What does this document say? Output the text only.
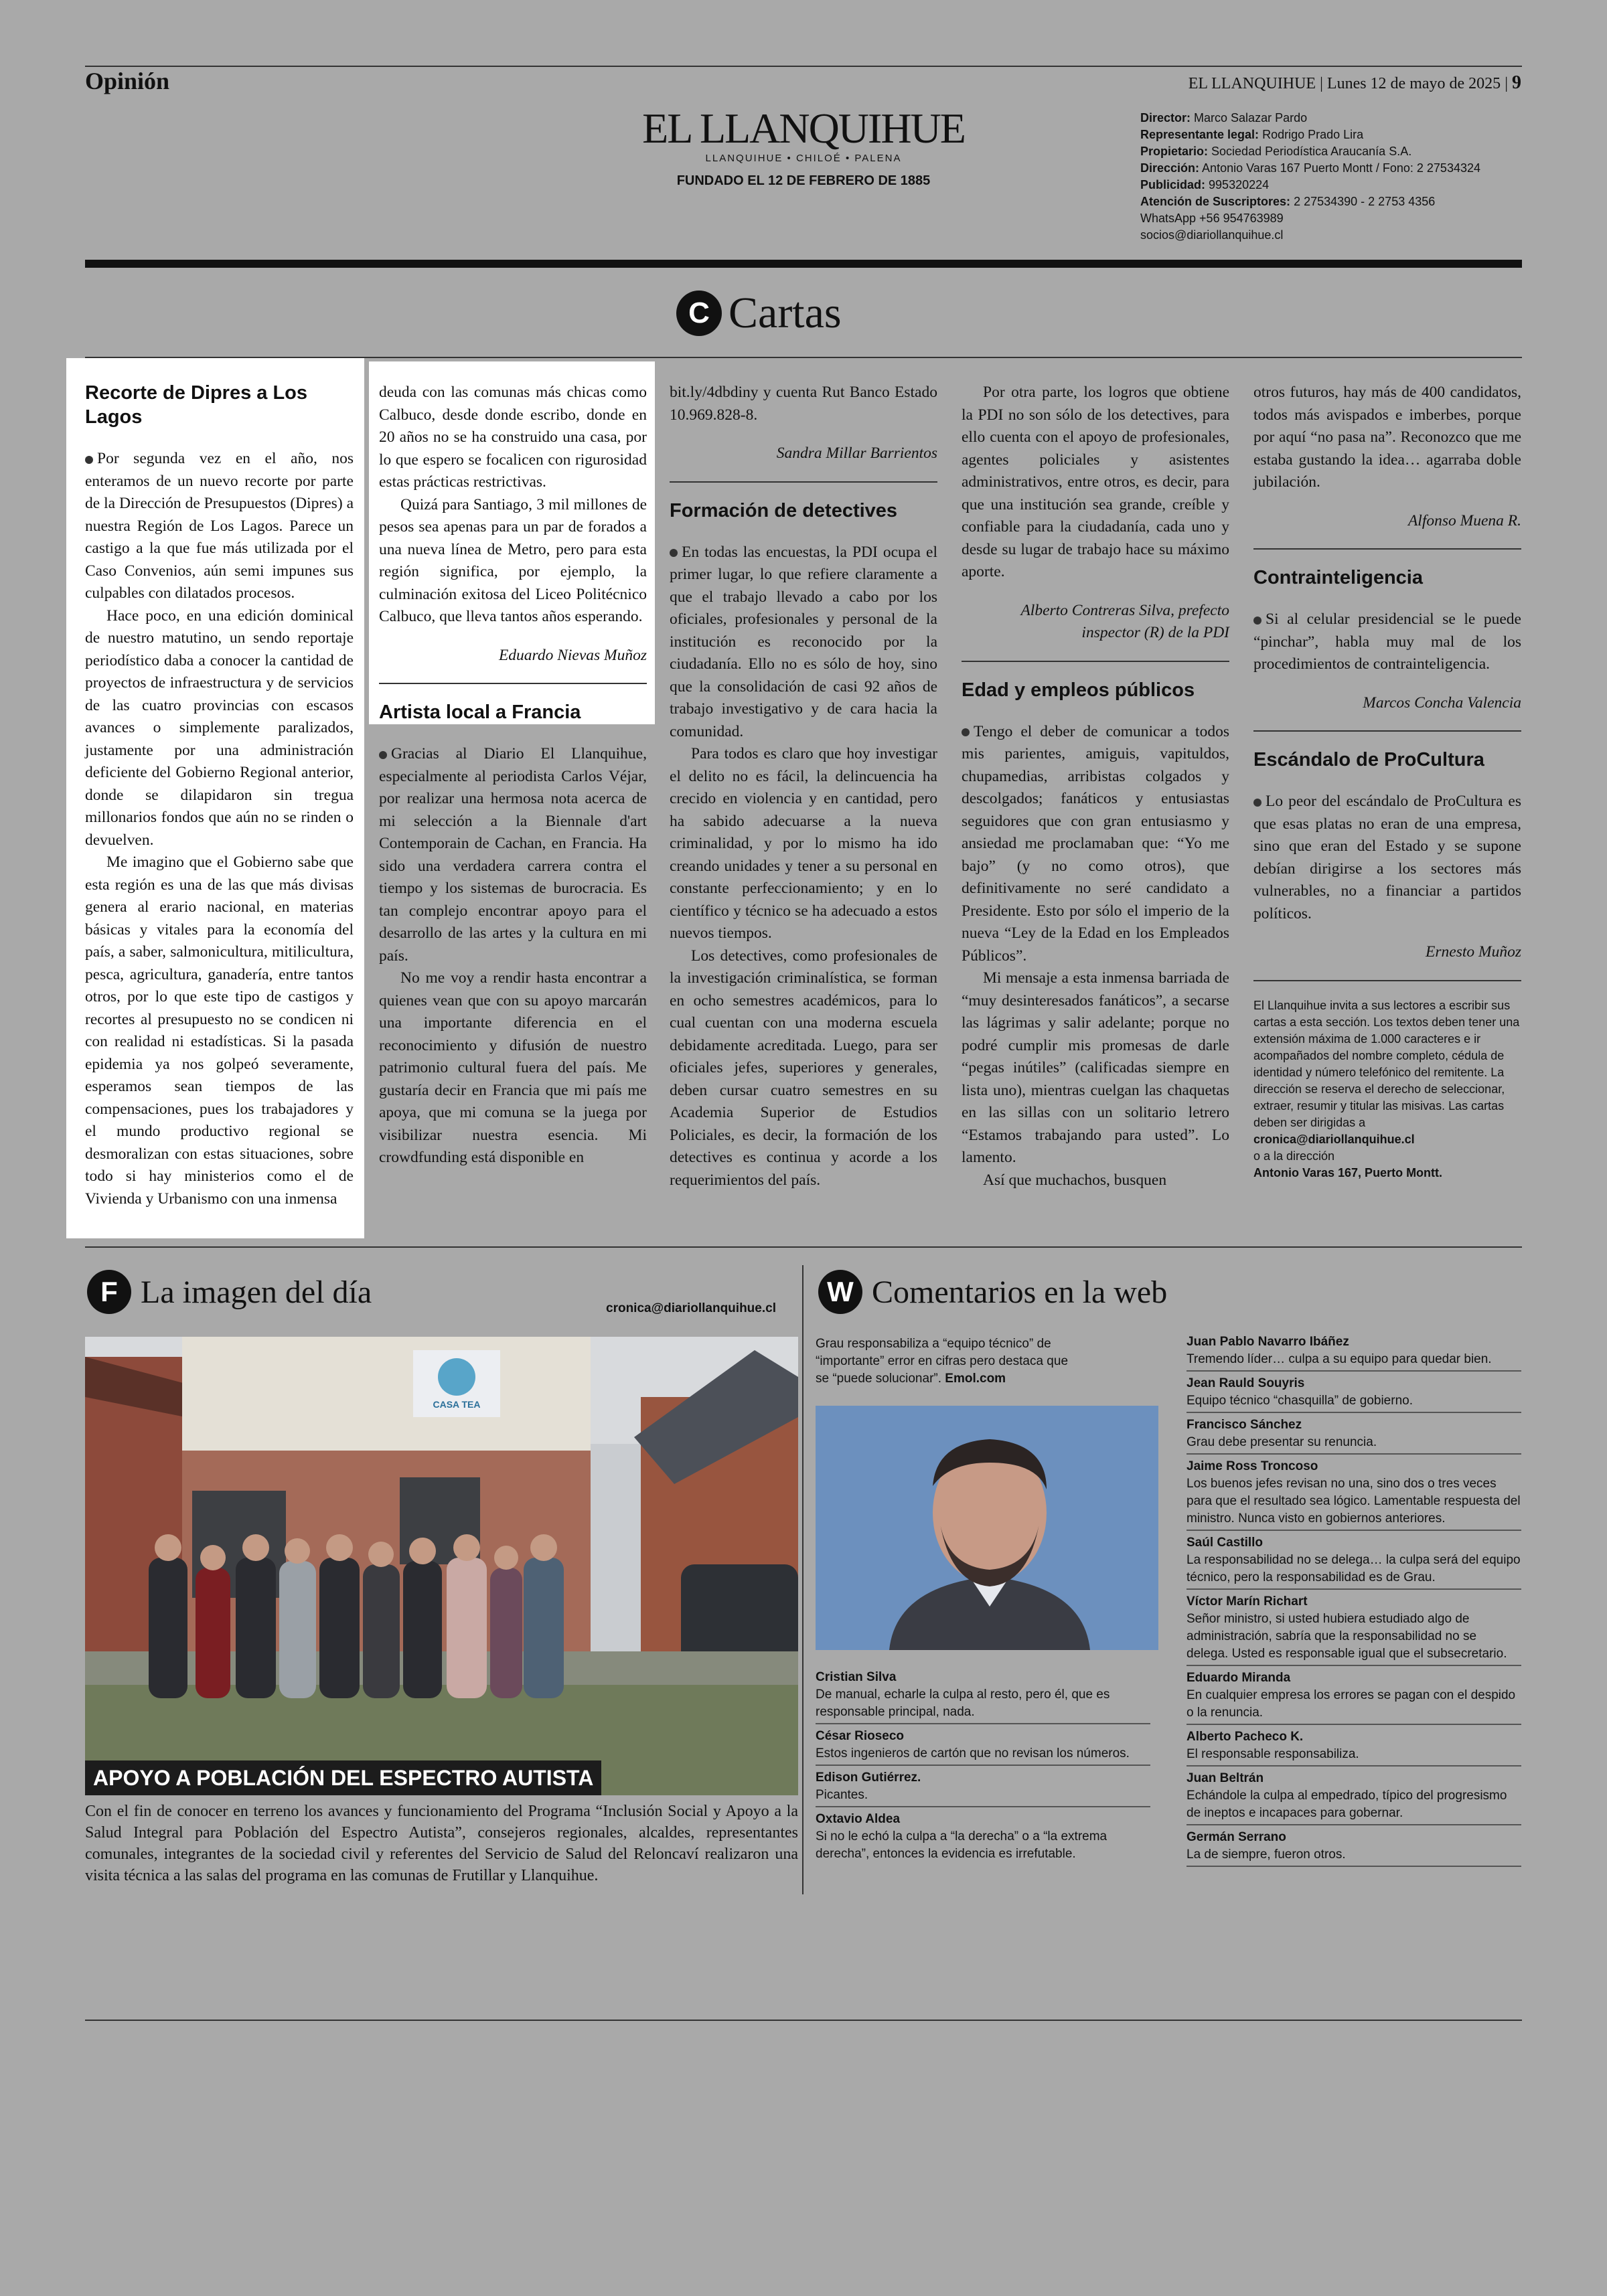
Opinión	EL LLANQUIHUE | Lunes 12 de mayo de 2025 | 9
EL LLANQUIHUE
LLANQUIHUE • CHILOÉ • PALENA
FUNDADO EL 12 DE FEBRERO DE 1885
Director: Marco Salazar Pardo
Representante legal: Rodrigo Prado Lira
Propietario: Sociedad Periodística Araucanía S.A.
Dirección: Antonio Varas 167 Puerto Montt / Fono: 2 27534324
Publicidad: 995320224
Atención de Suscriptores: 2 27534390 - 2 2753 4356
WhatsApp +56 954763989
socios@diariollanquihue.cl
C Cartas
Recorte de Dipres a Los Lagos

Por segunda vez en el año, nos enteramos de un nuevo recorte por parte de la Dirección de Presupuestos (Dipres) a nuestra Región de Los Lagos. Parece un castigo a la que fue más utilizada por el Caso Convenios, aún semi impunes sus culpables con dilatados procesos.

Hace poco, en una edición dominical de nuestro matutino, un sendo reportaje periodístico daba a conocer la cantidad de proyectos de infraestructura y de servicios de las cuatro provincias con escasos avances o simplemente paralizados, justamente por una administración deficiente del Gobierno Regional anterior, donde se dilapidaron sin tregua millonarios fondos que aún no se rinden o devuelven.

Me imagino que el Gobierno sabe que esta región es una de las que más divisas genera al erario nacional, en materias básicas y vitales para la economía del país, a saber, salmonicultura, mitilicultura, pesca, agricultura, ganadería, entre tantos otros, por lo que este tipo de castigos y recortes al presupuesto no se condicen ni con realidad ni estadísticas. Si la pasada epidemia ya nos golpeó severamente, esperamos sean tiempos de las compensaciones, pues los trabajadores y el mundo productivo regional se desmoralizan con estas situaciones, sobre todo si hay ministerios como el de Vivienda y Urbanismo con una inmensa

deuda con las comunas más chicas como Calbuco, desde donde escribo, donde en 20 años no se ha construido una casa, por lo que espero se focalicen con rigurosidad estas prácticas restrictivas.

Quizá para Santiago, 3 mil millones de pesos sea apenas para un par de forados a una nueva línea de Metro, pero para esta región significa, por ejemplo, la culminación exitosa del Liceo Politécnico Calbuco, que lleva tantos años esperando.

Eduardo Nievas Muñoz

Artista local a Francia

Gracias al Diario El Llanquihue, especialmente al periodista Carlos Véjar, por realizar una hermosa nota acerca de mi selección a la Biennale d'art Contemporain de Cachan, en Francia. Ha sido una verdadera carrera contra el tiempo y los sistemas de burocracia. Es tan complejo encontrar apoyo para el desarrollo de las artes y la cultura en mi país.

No me voy a rendir hasta encontrar a quienes vean que con su apoyo marcarán una importante diferencia en el reconocimiento y difusión de nuestro patrimonio cultural fuera del país. Me gustaría decir en Francia que mi país me apoya, que mi comuna se la juega por visibilizar nuestra esencia. Mi crowdfunding está disponible en

bit.ly/4dbdiny y cuenta Rut Banco Estado 10.969.828-8.

Sandra Millar Barrientos

Formación de detectives

En todas las encuestas, la PDI ocupa el primer lugar, lo que refiere claramente a que el trabajo llevado a cabo por los oficiales, profesionales y personal de la institución es reconocido por la ciudadanía. Ello no es sólo de hoy, sino que la consolidación de casi 92 años de trabajo investigativo y de cara hacia la comunidad.

Para todos es claro que hoy investigar el delito no es fácil, la delincuencia ha crecido en violencia y en cantidad, pero ha sabido adecuarse a la nueva criminalidad, y por lo mismo ha ido creando unidades y tener a su personal en constante perfeccionamiento; y en lo científico y técnico se ha adecuado a estos nuevos tiempos.

Los detectives, como profesionales de la investigación criminalística, se forman en ocho semestres académicos, para lo cual cuentan con una moderna escuela debidamente acreditada. Luego, para ser oficiales jefes, superiores y generales, deben cursar cuatro semestres en su Academia Superior de Estudios Policiales, es decir, la formación de los detectives es continua y acorde a los requerimientos del país.

Por otra parte, los logros que obtiene la PDI no son sólo de los detectives, para ello cuenta con el apoyo de profesionales, agentes policiales y asistentes administrativos, entre otros, es decir, para que una institución sea grande, creíble y confiable para la ciudadanía, cada uno y desde su lugar de trabajo hace su máximo aporte.

Alberto Contreras Silva, prefecto inspector (R) de la PDI

Edad y empleos públicos

Tengo el deber de comunicar a todos mis parientes, amiguis, vapituldos, chupamedias, arribistas colgados y descolgados; fanáticos y entusiastas seguidores que con gran entusiasmo y ansiedad me proclamaban que: “Yo me bajo” (y no como otros), que definitivamente no seré candidato a Presidente. Esto por sólo el imperio de la nueva “Ley de la Edad en los Empleados Públicos”.

Mi mensaje a esta inmensa barriada de “muy desinteresados fanáticos”, a secarse las lágrimas y salir adelante; porque no podré cumplir mis promesas de darle “pegas inútiles” (calificadas siempre en lista uno), mientras cuelgan las chaquetas en las sillas con un solitario letrero “Estamos trabajando para usted”. Lo lamento.

Así que muchachos, busquen

otros futuros, hay más de 400 candidatos, todos más avispados e imberbes, porque por aquí “no pasa na”. Reconozco que me estaba gustando la idea… agarraba doble jubilación.

Alfonso Muena R.

Contrainteligencia

Si al celular presidencial se le puede “pinchar”, habla muy mal de los procedimientos de contrainteligencia.

Marcos Concha Valencia

Escándalo de ProCultura

Lo peor del escándalo de ProCultura es que esas platas no eran de una empresa, sino que eran del Estado y se supone debían dirigirse a los sectores más vulnerables, no a financiar a partidos políticos.

Ernesto Muñoz

El Llanquihue invita a sus lectores a escribir sus cartas a esta sección. Los textos deben tener una extensión máxima de 1.000 caracteres e ir acompañados del nombre completo, cédula de identidad y número telefónico del remitente. La dirección se reserva el derecho de seleccionar, extraer, resumir y titular las misivas. Las cartas deben ser dirigidas a
cronica@diariollanquihue.cl
o a la dirección
Antonio Varas 167, Puerto Montt.
F La imagen del día	cronica@diariollanquihue.cl
CASA TEA
APOYO A POBLACIÓN DEL ESPECTRO AUTISTA
Con el fin de conocer en terreno los avances y funcionamiento del Programa “Inclusión Social y Apoyo a la Salud Integral para Población del Espectro Autista”, consejeros regionales, alcaldes, representantes comunales, integrantes de la sociedad civil y referentes del Servicio de Salud del Reloncaví realizaron una visita técnica a las salas del programa en las comunas de Frutillar y Llanquihue.
W Comentarios en la web
Grau responsabiliza a “equipo técnico” de “importante” error en cifras pero destaca que se “puede solucionar”. Emol.com
Cristian Silva
De manual, echarle la culpa al resto, pero él, que es responsable principal, nada.
César Rioseco
Estos ingenieros de cartón que no revisan los números.
Edison Gutiérrez.
Picantes.
Oxtavio Aldea
Si no le echó la culpa a “la derecha” o a “la extrema derecha”, entonces la evidencia es irrefutable.
Juan Pablo Navarro Ibáñez
Tremendo líder… culpa a su equipo para quedar bien.
Jean Rauld Souyris
Equipo técnico “chasquilla” de gobierno.
Francisco Sánchez
Grau debe presentar su renuncia.
Jaime Ross Troncoso
Los buenos jefes revisan no una, sino dos o tres veces para que el resultado sea lógico. Lamentable respuesta del ministro. Nunca visto en gobiernos anteriores.
Saúl Castillo
La responsabilidad no se delega… la culpa será del equipo técnico, pero la responsabilidad es de Grau.
Víctor Marín Richart
Señor ministro, si usted hubiera estudiado algo de administración, sabría que la responsabilidad no se delega. Usted es responsable igual que el subsecretario.
Eduardo Miranda
En cualquier empresa los errores se pagan con el despido o la renuncia.
Alberto Pacheco K.
El responsable responsabiliza.
Juan Beltrán
Echándole la culpa al empedrado, típico del progresismo de ineptos e incapaces para gobernar.
Germán Serrano
La de siempre, fueron otros.
